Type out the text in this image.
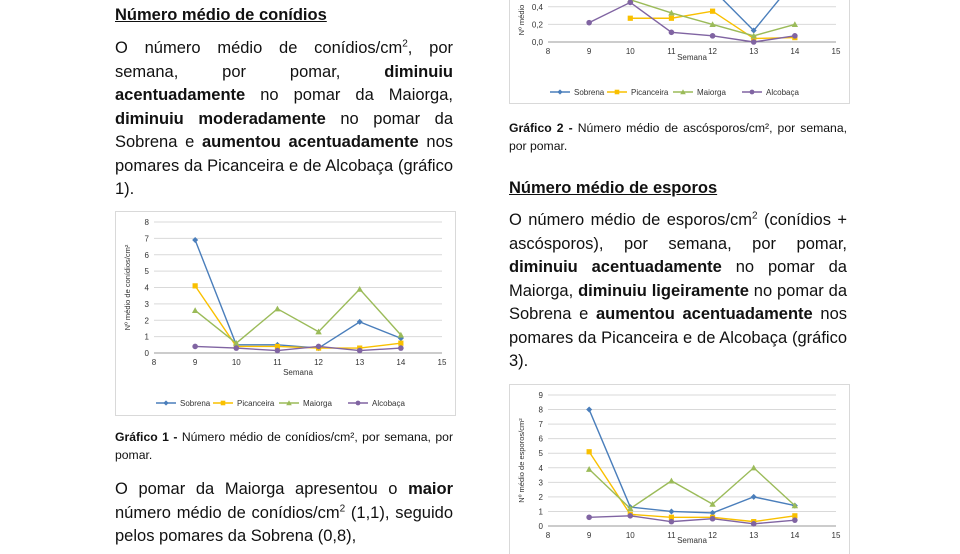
Número médio de conídios

O número médio de conídios/$cm^2$, por semana, por pomar, diminuiu acentuadamente no pomar da Maiorga, diminuiu moderadamente no pomar da Sobrena e aumentou acentuadamente nos pomares da Picanceira e de Alcobaça (gráfico 1).

0
1
2
3
4
5
6
7
8
8	9	10	11	12	13	14	15
Semana
Nº médio de conídios/cm²
Sobrena	Picanceira	Maiorga	Alcobaça

Gráfico 1 - Número médio de conídios/cm², por semana, por pomar.

O pomar da Maiorga apresentou o maior número médio de conídios/$cm^2$ (1,1), seguido pelos pomares da Sobrena (0,8),

0,0
0,2
0,4
8	9	10	11	12	13	14	15
Semana
Nº médio
Sobrena	Picanceira	Maiorga	Alcobaça

Gráfico 2 - Número médio de ascósporos/cm², por semana, por pomar.

Número médio de esporos

O número médio de esporos/$cm^2$ (conídios + ascósporos), por semana, por pomar, diminuiu acentuadamente no pomar da Maiorga, diminuiu ligeiramente no pomar da Sobrena e aumentou acentuadamente nos pomares da Picanceira e de Alcobaça (gráfico 3).

0
1
2
3
4
5
6
7
8
9
8	9	10	11	12	13	14	15
Semana
Nº médio de esporos/cm²
